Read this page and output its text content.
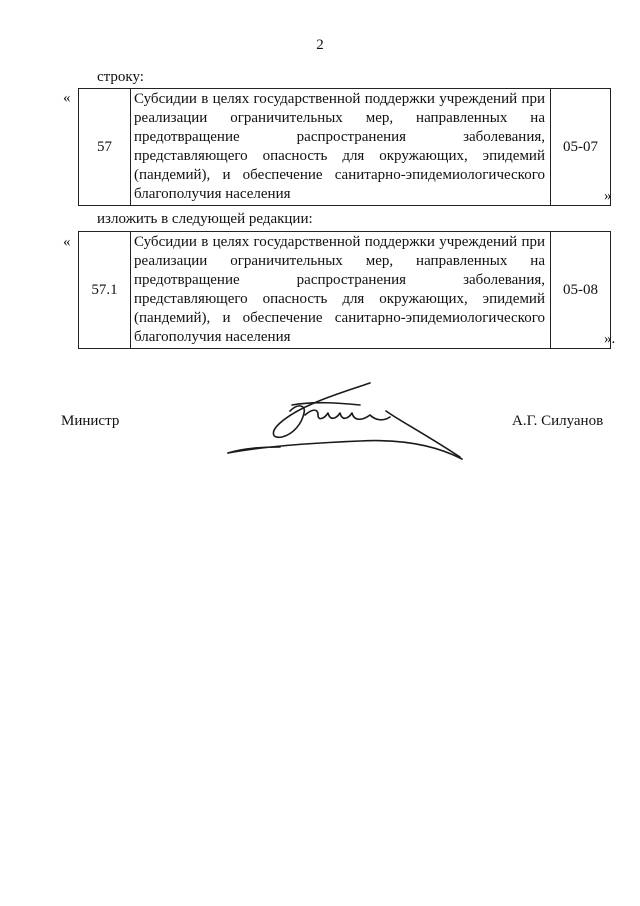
2
строку:
«
57	Субсидии в целях государственной поддержки учреждений при реализации ограничительных мер, направленных на предотвращение распространения заболевания, представляющего опасность для окружающих, эпидемий (пандемий), и обеспечение санитарно-эпидемиологического благополучия населения	05-07
»
изложить в следующей редакции:
«
57.1	Субсидии в целях государственной поддержки учреждений при реализации ограничительных мер, направленных на предотвращение распространения заболевания, представляющего опасность для окружающих, эпидемий (пандемий), и обеспечение санитарно-эпидемиологического благополучия населения	05-08
».
Министр	А.Г. Силуанов
